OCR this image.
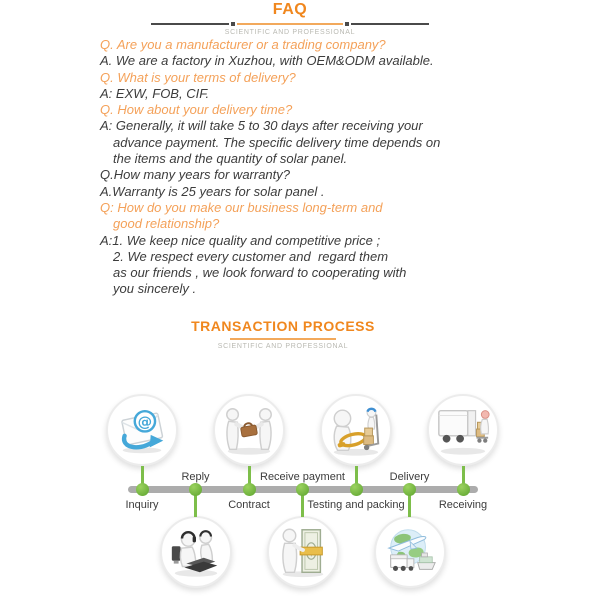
FAQ
SCIENTIFIC AND PROFESSIONAL
Q. Are you a manufacturer or a trading company?
A. We are a factory in Xuzhou, with OEM&ODM available.
Q. What is your terms of delivery?
A: EXW, FOB, CIF.
Q. How about your delivery time?
A: Generally, it will take 5 to 30 days after receiving your
advance payment. The specific delivery time depends on
the items and the quantity of solar panel.
Q.How many years for warranty?
A.Warranty is 25 years for solar panel .
Q: How do you make our business long-term and
good relationship?
A:1. We keep nice quality and competitive price ;
2. We respect every customer and  regard them
as our friends , we look forward to cooperating with
you sincerely .
TRANSACTION PROCESS
SCIENTIFIC AND PROFESSIONAL
@
Inquiry
Reply
Contract
Receive payment
Testing and packing
Delivery
Receiving
